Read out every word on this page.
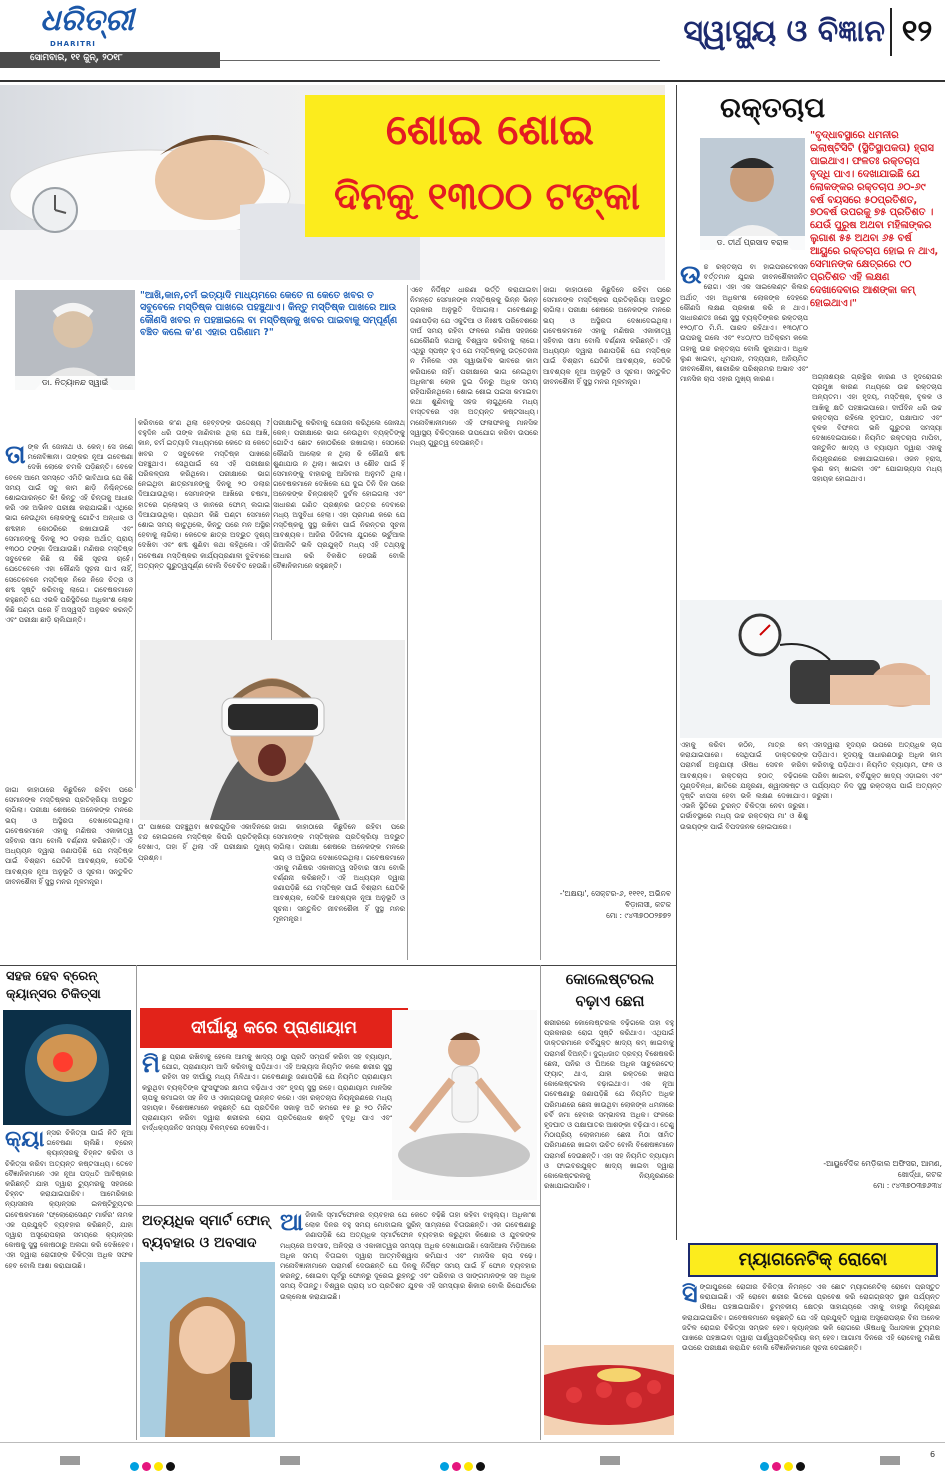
ଧରିତ୍ରୀ
DHARITRI
ସୋମବାର, ୧୧ ଜୁନ୍, ୨୦୧୮
ସ୍ୱାସ୍ଥ୍ୟ ଓ ବିଜ୍ଞାନ ୧୨
ଶୋଇ ଶୋଇ
ଦିନକୁ ୧୩୦୦ ଟଙ୍କା
ଡା. ନିତ୍ୟାନନ୍ଦ ସ୍ୱାଇଁ
"ଆଖି,କାନ,ଚର୍ମ ଇତ୍ୟାଦି ମାଧ୍ୟମରେ କେତେ ନା କେତେ ଖବର ତ ସବୁବେଳେ ମସ୍ତିଷ୍କ ପାଖରେ ପହଞ୍ଚୁଥାଏ। କିନ୍ତୁ ମସ୍ତିଷ୍କ ପାଖରେ ଆଉ କୌଣସି ଖବର ନ ପହଞ୍ଚାଇଲେ ବା ମସ୍ତିଷ୍କକୁ ଖବର ପାଇବାକୁ ସମ୍ପୂର୍ଣ୍ଣ ବଞ୍ଚିତ କଲେ କ'ଣ ଏହାର ପରିଣାମ ?"
ତା ଙ୍କ ନାଁ ଜୋନାଥ ଓ. କେନ୍। ସେ ଜଣେ ମନୋବିଜ୍ଞାନୀ। ତାଙ୍କର ନୂଆ ଗବେଷଣା ଦେଖି ଲୋକେ ଚମକି ପଡ଼ିଛନ୍ତି। ବେଳେ ବେଳେ ଆମେ ସମସ୍ତେ ଏମିତି ଭାବିଥାଉ ଯେ କିଛି ସମୟ ପାଇଁ ସବୁ କାମ ଛାଡ଼ି ନିଶ୍ଚିନ୍ତରେ ଶୋଇପାରନ୍ତେ କି! କିନ୍ତୁ ଏହି ଚିନ୍ତାକୁ ଆଧାର କରି ଏକ ଅଭିନବ ପରୀକ୍ଷା କରାଯାଇଛି। ଏଥିରେ ଭାଗ ନେଉଥିବା ଲୋକଙ୍କୁ ଗୋଟିଏ ଅନ୍ଧାର ଓ ଶବ୍ଦହୀନ କୋଠରିରେ ରଖାଯାଉଛି ଏବଂ ସେମାନଙ୍କୁ ଦିନକୁ ୨୦ ଡଲାର ଅର୍ଥାତ୍ ପ୍ରାୟ ୧୩୦୦ ଟଙ୍କା ଦିଆଯାଉଛି। ମଣିଷର ମସ୍ତିଷ୍କ ସବୁବେଳେ କିଛି ନା କିଛି ସୂଚନା ଚାହେଁ। ଯେତେବେଳେ ଏହା କୌଣସି ସୂଚନା ପାଏ ନାହିଁ, ସେତେବେଳେ ମସ୍ତିଷ୍କ ନିଜେ ନିଜେ ଚିତ୍ର ଓ ଶବ୍ଦ ସୃଷ୍ଟି କରିବାକୁ ଲାଗେ। ଗବେଷକମାନେ କହୁଛନ୍ତି ଯେ ଏଭଳି ପରିସ୍ଥିତିରେ ଅଧିକାଂଶ ଲୋକ କିଛି ଘଣ୍ଟା ପରେ ହିଁ ଅସ୍ୱସ୍ତି ଅନୁଭବ କରନ୍ତି ଏବଂ ପରୀକ୍ଷା ଛାଡ଼ି ଚାଲିଯାନ୍ତି।
କରିବାରେ କ'ଣ ଥିଲା ହେବ୍ବଙ୍କ ଉଦ୍ଦେଶ୍ୟ ? ବହୁଦିନ ଧରି ତାଙ୍କ ଜାଣିବାର ଥିଲା ଯେ ଆଖି, କାନ, ଚର୍ମ ଇତ୍ୟାଦି ମାଧ୍ୟମରେ କେତେ ନା କେତେ ଖବର ତ ସବୁବେଳେ ମସ୍ତିଷ୍କ ପାଖରେ ପହଞ୍ଚୁଥାଏ। ସେଥିପାଇଁ ସେ ଏହି ପରୀକ୍ଷାର ପରିକଳ୍ପନା କରିଥିଲେ। ପରୀକ୍ଷାରେ ଭାଗ ନେଇଥିବା ଛାତ୍ରମାନଙ୍କୁ ଦିନକୁ ୨୦ ଡଲାର ଦିଆଯାଉଥିଲା। ସେମାନଙ୍କ ଆଖିରେ ଚଷମା, ହାତରେ ଗ୍ଲୋଭସ୍ ଓ କାନରେ ଫୋମ୍ ଲଗାଇ ଦିଆଯାଉଥିଲା। ପ୍ରଥମ କିଛି ଘଣ୍ଟା ସେମାନେ ଶୋଇ ସମୟ କାଟୁଥିଲେ, କିନ୍ତୁ ପରେ ମନ ଅସ୍ଥିର ହେବାକୁ ଲାଗିଲା। କେତେକ ଛାତ୍ର ଅଦ୍ଭୁତ ଦୃଶ୍ୟ ଦେଖିବା ଏବଂ ଶବ୍ଦ ଶୁଣିବା କଥା କହିଥିଲେ। ଏହି ଗବେଷଣା ମସ୍ତିଷ୍କର କାର୍ଯ୍ୟପ୍ରଣାଳୀ ବୁଝିବାରେ ଅତ୍ୟନ୍ତ ଗୁରୁତ୍ୱପୂର୍ଣ୍ଣ ବୋଲି ବିବେଚିତ ହେଉଛି।
ପରୀକ୍ଷାଟିକୁ କରିବାକୁ ଯୋଜନା କରିଥିଲେ ଜୋନାଥ୍ କେନ୍। ପରୀକ୍ଷାରେ ଭାଗ ନେଉଥିବା ବ୍ୟକ୍ତିଙ୍କୁ ଗୋଟିଏ ଛୋଟ କୋଠରିରେ ରଖାଗଲା। ସେଠାରେ କୌଣସି ଆଲୋକ ନ ଥିଲା କି କୌଣସି ଶବ୍ଦ ଶୁଣାଯାଉ ନ ଥିଲା। ଖାଇବା ଓ ଶୌଚ ପାଇଁ ହିଁ ସେମାନଙ୍କୁ ବାହାରକୁ ଆସିବାର ଅନୁମତି ଥିଲା। ଗବେଷକମାନେ ଦେଖିଲେ ଯେ ଦୁଇ ତିନି ଦିନ ପରେ ଅନେକଙ୍କ ଚିନ୍ତାଶକ୍ତି ଦୁର୍ବଳ ହୋଇଗଲା ଏବଂ ସାଧାରଣ ଗଣିତ ପ୍ରଶ୍ନର ଉତ୍ତର ଦେବାରେ ମଧ୍ୟ ଅସୁବିଧା ହେଲା। ଏହା ପ୍ରମାଣ କରେ ଯେ ମସ୍ତିଷ୍କକୁ ସୁସ୍ଥ ରଖିବା ପାଇଁ ନିରନ୍ତର ସୂଚନା ଆବଶ୍ୟକ। ଆଜିର ଡିଜିଟାଲ ଯୁଗରେ ଭର୍ଚୁଆଲ ରିଆଲିଟି ଭଳି ପ୍ରଯୁକ୍ତି ମଧ୍ୟ ଏହି ତଥ୍ୟକୁ ଆଧାର କରି ବିକଶିତ ହେଉଛି ବୋଲି ବୈଜ୍ଞାନିକମାନେ କହୁଛନ୍ତି।
ତା' ପାଖରେ ପହଞ୍ଚୁଥିବା ଖବରଗୁଡ଼ିକ ଏକାଦିନରେ ବନ୍ଦ ହୋଇଗଲେ ମସ୍ତିଷ୍କ କିପରି ପ୍ରତିକ୍ରିୟା ଦେଖାଏ, ତାହା ହିଁ ଥିଲା ଏହି ପରୀକ୍ଷାର ମୁଖ୍ୟ ପ୍ରଶ୍ନ।
ଜାଗା କାହାଠାରେ କିଛୁଦିନେ ରହିବା ପରେ ସେମାନଙ୍କ ମସ୍ତିଷ୍କର ପ୍ରତିକ୍ରିୟା ଅଦ୍ଭୁତ ଲାଗିଲା। ପରୀକ୍ଷା ଶେଷରେ ଅନେକଙ୍କ ମନରେ ଭୟ ଓ ଅସ୍ଥିରତା ଦେଖାଦେଇଥିଲା। ଗବେଷକମାନେ ଏହାକୁ ମଣିଷର ଏକାକୀତ୍ୱ ସହିବାର ସୀମା ବୋଲି ବର୍ଣ୍ଣନା କରିଛନ୍ତି। ଏହି ଅଧ୍ୟୟନ ଦ୍ୱାରା ଜଣାପଡ଼ିଛି ଯେ ମସ୍ତିଷ୍କ ପାଇଁ ବିଶ୍ରାମ ଯେତିକି ଆବଶ୍ୟକ, ସେତିକି ଆବଶ୍ୟକ ନୂଆ ଅନୁଭୂତି ଓ ସୂଚନା। ସନ୍ତୁଳିତ ଜୀବନଶୈଳୀ ହିଁ ସୁସ୍ଥ ମନର ମୂଳମନ୍ତ୍ର।
ଜାଗା କାହାଠାରେ କିଛୁଦିନେ ରହିବା ପରେ ସେମାନଙ୍କ ମସ୍ତିଷ୍କର ପ୍ରତିକ୍ରିୟା ଅଦ୍ଭୁତ ଲାଗିଲା। ପରୀକ୍ଷା ଶେଷରେ ଅନେକଙ୍କ ମନରେ ଭୟ ଓ ଅସ୍ଥିରତା ଦେଖାଦେଇଥିଲା। ଗବେଷକମାନେ ଏହାକୁ ମଣିଷର ଏକାକୀତ୍ୱ ସହିବାର ସୀମା ବୋଲି ବର୍ଣ୍ଣନା କରିଛନ୍ତି। ଏହି ଅଧ୍ୟୟନ ଦ୍ୱାରା ଜଣାପଡ଼ିଛି ଯେ ମସ୍ତିଷ୍କ ପାଇଁ ବିଶ୍ରାମ ଯେତିକି ଆବଶ୍ୟକ, ସେତିକି ଆବଶ୍ୟକ ନୂଆ ଅନୁଭୂତି ଓ ସୂଚନା। ସନ୍ତୁଳିତ ଜୀବନଶୈଳୀ ହିଁ ସୁସ୍ଥ ମନର ମୂଳମନ୍ତ୍ର।
ଏବେ ନିର୍ଦ୍ଦିଷ୍ଟ ଧାରଣା ଭର୍ତ୍ତି କରାଯାଇବା ନିମନ୍ତେ ସେମାନଙ୍କ ମସ୍ତିଷ୍କକୁ ଭିନ୍ନ ଭିନ୍ନ ପ୍ରକାର ଅନୁଭୂତି ଦିଆଗଲା। ଗବେଷଣାରୁ ଜଣାପଡ଼ିଲା ଯେ ଏକୁଟିଆ ଓ ନିଃଶବ୍ଦ ପରିବେଶରେ ଦୀର୍ଘ ସମୟ ରହିବା ଫଳରେ ମଣିଷ ସହଜରେ ଯେକୌଣସି କଥାକୁ ବିଶ୍ୱାସ କରିବାକୁ ଲାଗେ। ଏଥିରୁ ସ୍ପଷ୍ଟ ହୁଏ ଯେ ମସ୍ତିଷ୍କକୁ ଉତ୍ତେଜନା ନ ମିଳିଲେ ଏହା ସ୍ୱାଭାବିକ ଭାବରେ କାମ କରିପାରେ ନାହିଁ। ପରୀକ୍ଷାରେ ଭାଗ ନେଇଥିବା ଅଧିକାଂଶ ଲୋକ ଦୁଇ ଦିନରୁ ଅଧିକ ସମୟ ରହିପାରିନଥିଲେ। ଶୋଇ ଶୋଇ ପଇସା କମାଇବା କଥା ଶୁଣିବାକୁ ସହଜ ଲାଗୁଥିଲେ ମଧ୍ୟ ବାସ୍ତବରେ ଏହା ଅତ୍ୟନ୍ତ କଷ୍ଟସାଧ୍ୟ। ମନୋବିଜ୍ଞାନୀମାନେ ଏହି ଫଳାଫଳକୁ ମାନସିକ ସ୍ୱାସ୍ଥ୍ୟ ଚିକିତ୍ସାରେ ଉପଯୋଗ କରିବା ଉପରେ ମଧ୍ୟ ଗୁରୁତ୍ୱ ଦେଉଛନ୍ତି।
ଜାଗା କାହାଠାରେ କିଛୁଦିନେ ରହିବା ପରେ ସେମାନଙ୍କ ମସ୍ତିଷ୍କର ପ୍ରତିକ୍ରିୟା ଅଦ୍ଭୁତ ଲାଗିଲା। ପରୀକ୍ଷା ଶେଷରେ ଅନେକଙ୍କ ମନରେ ଭୟ ଓ ଅସ୍ଥିରତା ଦେଖାଦେଇଥିଲା। ଗବେଷକମାନେ ଏହାକୁ ମଣିଷର ଏକାକୀତ୍ୱ ସହିବାର ସୀମା ବୋଲି ବର୍ଣ୍ଣନା କରିଛନ୍ତି। ଏହି ଅଧ୍ୟୟନ ଦ୍ୱାରା ଜଣାପଡ଼ିଛି ଯେ ମସ୍ତିଷ୍କ ପାଇଁ ବିଶ୍ରାମ ଯେତିକି ଆବଶ୍ୟକ, ସେତିକି ଆବଶ୍ୟକ ନୂଆ ଅନୁଭୂତି ଓ ସୂଚନା। ସନ୍ତୁଳିତ ଜୀବନଶୈଳୀ ହିଁ ସୁସ୍ଥ ମନର ମୂଳମନ୍ତ୍ର।
-'ଅକ୍ଷୟା', ସେକ୍ଟର-୬, ୧୧୧୧, ଅଭିନବ ବିଡ଼ାନାସୀ, କଟକ
ମୋ : ୯୪୩୭୦୦୨୭୭୨
ରକ୍ତଚାପ
ଡ. ତୀର୍ଥ ପ୍ରସାଦ ବରାଳ
"ବୃଦ୍ଧାବସ୍ଥାରେ ଧମନୀର ଇଲାଷ୍ଟିସିଟି (ସ୍ଥିତିସ୍ଥାପକତା) ହ୍ରାସ ପାଇଥାଏ। ଫଳତଃ ରକ୍ତଚାପ ବୃଦ୍ଧି ପାଏ। ଦେଖାଯାଇଛି ଯେ ଲୋକଙ୍କର ରକ୍ତଚାପ ୬୦-୬୯ ବର୍ଷ ବୟସରେ ୫୦ପ୍ରତିଶତ, ୭୦ବର୍ଷ ଉପରକୁ ୭୫ ପ୍ରତିଶତ । ଯେଉଁ ପୁରୁଷ ଅଥବା ମହିଳାଙ୍କର ଲୁଗାଶ ୫୫ ଅଥବା ୬୫ ବର୍ଷ ଆୟୁରେ ରକ୍ତଚାପ ହୋଇ ନ ଥାଏ, ସେମାନଙ୍କ କ୍ଷେତ୍ରରେ ୯୦ ପ୍ରତିଶତ ଏହି ଲକ୍ଷଣ ଦେଖାଦେବାର ଆଶଙ୍କା କମ୍ ହୋଇଥାଏ।"
ଉ ଚ୍ଚ ରକ୍ତଚାପ ବା ହାଇପରଟେନସନ ବର୍ତ୍ତମାନ ଯୁଗର ଜୀବନଶୈଳୀଜନିତ ରୋଗ। ଏହା ଏକ ସାଇଲେଣ୍ଟ କିଲର ଅର୍ଥାତ୍ ଏହା ଅଧିକାଂଶ ଲୋକଙ୍କ ଦେହରେ କୌଣସି ଲକ୍ଷଣ ପ୍ରକାଶ କରି ନ ଥାଏ। ସାଧାରଣତଃ ଜଣେ ସୁସ୍ଥ ବ୍ୟକ୍ତିଙ୍କର ରକ୍ତଚାପ ୧୨୦/୮୦ ମି.ମି. ପାରଦ ରହିଥାଏ। ୧୩୦/୮୦ ଉପରକୁ ଗଲେ ଏବଂ ୧୪୦/୯୦ ଅତିକ୍ରମ କଲେ ତାହାକୁ ଉଚ୍ଚ ରକ୍ତଚାପ ବୋଲି କୁହାଯାଏ। ଅଧିକ ଲୁଣ ଖାଇବା, ଧୂମପାନ, ମଦ୍ୟପାନ, ଅନିୟମିତ ଜୀବନଶୈଳୀ, ଶାରୀରିକ ପରିଶ୍ରମର ଅଭାବ ଏବଂ ମାନସିକ ଚାପ ଏହାର ମୁଖ୍ୟ କାରଣ।	ଅଗ୍ନାଶୟର ଗ୍ରନ୍ଥିର କାରଣ ଓ ହୃଦରୋଗର ପ୍ରମୁଖ କାରଣ ମଧ୍ୟରେ ଉଚ୍ଚ ରକ୍ତଚାପ ଅନ୍ୟତମ। ଏହା ହୃଦୟ, ମସ୍ତିଷ୍କ, ବୃକକ ଓ ଆଖିକୁ କ୍ଷତି ପହଞ୍ଚାଇପାରେ। ଦୀର୍ଘଦିନ ଧରି ଉଚ୍ଚ ରକ୍ତଚାପ ରହିଲେ ହୃଦଘାତ, ପକ୍ଷାଘାତ ଏବଂ ବୃକକ ବିଫଳତା ଭଳି ଗୁରୁତର ସମସ୍ୟା ଦେଖାଦେଇପାରେ। ନିୟମିତ ରକ୍ତଚାପ ମାପିବା, ସନ୍ତୁଳିତ ଖାଦ୍ୟ ଓ ବ୍ୟାୟାମ ଦ୍ୱାରା ଏହାକୁ ନିୟନ୍ତ୍ରଣରେ ରଖାଯାଇପାରେ। ଓଜନ ହ୍ରାସ, ଲୁଣ କମ୍ ଖାଇବା ଏବଂ ଯୋଗାଭ୍ୟାସ ମଧ୍ୟ ସହାୟକ ହୋଇଥାଏ।
ଏହାକୁ କରିବା କଠିନ, ମାତ୍ର କମ୍ କରାଯାଇପାରେ। ସେଥିପାଇଁ ଡାକ୍ତରଙ୍କ ପରାମର୍ଶ ଅନୁଯାୟୀ ଔଷଧ ସେବନ କରିବା ଆବଶ୍ୟକ। ରକ୍ତଚାପ ହଠାତ୍ ବଢ଼ିଗଲେ ମୁଣ୍ଡବିନ୍ଧା, ଛାତିରେ ଯନ୍ତ୍ରଣା, ଶ୍ୱାସକଷ୍ଟ ଓ ଦୃଷ୍ଟି ଝାପସା ହେବା ଭଳି ଲକ୍ଷଣ ଦେଖାଯାଏ। ଏଭଳି ସ୍ଥିତିରେ ତୁରନ୍ତ ଚିକିତ୍ସା ନେବା ଜରୁରୀ। ଗର୍ଭାବସ୍ଥାରେ ମଧ୍ୟ ଉଚ୍ଚ ରକ୍ତଚାପ ମା' ଓ ଶିଶୁ ଉଭୟଙ୍କ ପାଇଁ ବିପଦଜନକ ହୋଇପାରେ।
ଏହାଦ୍ୱାରା ହୃଦୟର ଉପରେ ଅତ୍ୟଧିକ ଚାପ ପଡ଼ିଥାଏ। ହୃଦୟକୁ ସାଧାରଣଠାରୁ ଅଧିକ କାମ କରିବାକୁ ପଡ଼ିଥାଏ। ନିୟମିତ ବ୍ୟାୟାମ, ଫଳ ଓ ପରିବା ଖାଇବା, ଚର୍ବିଯୁକ୍ତ ଖାଦ୍ୟ ଏଡ଼ାଇବା ଏବଂ ପର୍ଯ୍ୟାପ୍ତ ନିଦ ସୁସ୍ଥ ରକ୍ତଚାପ ପାଇଁ ଅତ୍ୟନ୍ତ ଜରୁରୀ।
-ଆୟୁର୍ବେଦିକ ମେଡ଼ିକାଲ ଅଫିସର, ଆମଣ, ଖୋର୍ଦ୍ଧା, କଟକ
ମୋ : ୯୪୩୭୦୩୭୬୩୪
ସହଜ ହେବ ବ୍ରେନ୍
କ୍ୟାନ୍ସର ଚିକିତ୍ସା
କ୍ୟା ନ୍ସର ଚିକିତ୍ସା ପାଇଁ ନିତି ନୂଆ ଗବେଷଣା ଚାଲିଛି। ବ୍ରେନ୍ କ୍ୟାନ୍ସରକୁ ଚିହ୍ନଟ କରିବା ଓ ଚିକିତ୍ସା କରିବା ଅତ୍ୟନ୍ତ କଷ୍ଟସାଧ୍ୟ। ତେବେ ବୈଜ୍ଞାନିକମାନେ ଏକ ନୂଆ ପଦ୍ଧତି ଆବିଷ୍କାର କରିଛନ୍ତି ଯାହା ଦ୍ୱାରା ଟ୍ୟୁମରକୁ ସହଜରେ ଚିହ୍ନଟ କରାଯାଇପାରିବ। ଆମେରିକାର ନ୍ୟାସନାଲ କ୍ୟାନ୍ସର ଇନଷ୍ଟିଚ୍ୟୁଟର ଗବେଷକମାନେ 'ଫ୍ଲୋରୋସେଣ୍ଟ ମାର୍କର' ନାମକ ଏକ ପ୍ରଯୁକ୍ତି ବ୍ୟବହାର କରିଛନ୍ତି, ଯାହା ଦ୍ୱାରା ଅସ୍ତ୍ରୋପଚାର ସମୟରେ କ୍ୟାନ୍ସର କୋଷକୁ ସୁସ୍ଥ କୋଷଠାରୁ ଅଲଗା କରି ଦେଖିହେବ। ଏହା ଦ୍ୱାରା ରୋଗୀଙ୍କ ଚିକିତ୍ସା ଅଧିକ ସଫଳ ହେବ ବୋଲି ଆଶା କରାଯାଉଛି।
ଦୀର୍ଘାୟୁ କରେ ପ୍ରାଣାୟାମ
ମି ଛୁ ପ୍ରାଣ ରଖିବାକୁ ହେଲେ ଆମକୁ ଖାଦ୍ୟ ଠାରୁ ପ୍ରତି ସମ୍ପର୍କ କରିବା ସହ ବ୍ୟାୟାମ, ଯୋଗ, ପ୍ରାଣାୟାମ ଆଦି କରିବାକୁ ପଡ଼ିଥାଏ। ଏହି ଅଭ୍ୟାସ ନିୟମିତ କଲେ ଶରୀର ସୁସ୍ଥ ରହିବା ସହ ଦୀର୍ଘାୟୁ ମଧ୍ୟ ମିଳିଥାଏ। ଗବେଷଣାରୁ ଜଣାପଡ଼ିଛି ଯେ ନିୟମିତ ପ୍ରାଣାୟାମ କରୁଥିବା ବ୍ୟକ୍ତିଙ୍କ ଫୁସଫୁସର କ୍ଷମତା ବଢ଼ିଥାଏ ଏବଂ ହୃଦୟ ସୁସ୍ଥ ରହେ। ପ୍ରାଣାୟାମ ମାନସିକ ଚାପକୁ କମାଇବା ସହ ନିଦ ଓ ଏକାଗ୍ରତାକୁ ଉନ୍ନତ କରେ। ଏହା ରକ୍ତଚାପ ନିୟନ୍ତ୍ରଣରେ ମଧ୍ୟ ସହାୟକ। ବିଶେଷଜ୍ଞମାନେ କହୁଛନ୍ତି ଯେ ପ୍ରତିଦିନ ସକାଳୁ ଅତି କମରେ ୧୫ ରୁ ୨୦ ମିନିଟ ପ୍ରାଣାୟାମ କରିବା ଦ୍ୱାରା ଶରୀରର ରୋଗ ପ୍ରତିରୋଧକ ଶକ୍ତି ବୃଦ୍ଧି ପାଏ ଏବଂ ବାର୍ଦ୍ଧକ୍ୟଜନିତ ସମସ୍ୟା ବିଳମ୍ବରେ ଦେଖାଦିଏ।
କୋଲେଷ୍ଟରଲ
ବଢ଼ାଏ ଛେନା
ଶରୀରରେ କୋଲେଷ୍ଟରଲ ବଢ଼ିଗଲେ ତାହା ବହୁ ପ୍ରକାରର ରୋଗ ସୃଷ୍ଟି କରିଥାଏ। ଏଥିପାଇଁ ଡାକ୍ତରମାନେ ଚର୍ବିଯୁକ୍ତ ଖାଦ୍ୟ କମ୍ ଖାଇବାକୁ ପରାମର୍ଶ ଦିଅନ୍ତି। ଦୁଗ୍ଧଜାତ ଦ୍ରବ୍ୟ ବିଶେଷକରି ଛେନା, ପନିର ଓ ଘିଅରେ ଅଧିକ ସାଚୁରେଟେଡ୍ ଫ୍ୟାଟ୍ ଥାଏ, ଯାହା ରକ୍ତରେ ଖରାପ କୋଲେଷ୍ଟରଲ ବଢ଼ାଇଥାଏ। ଏକ ନୂଆ ଗବେଷଣାରୁ ଜଣାପଡ଼ିଛି ଯେ ନିୟମିତ ଅଧିକ ପରିମାଣରେ ଛେନା ଖାଉଥିବା ଲୋକଙ୍କ ଧମନୀରେ ଚର୍ବି ଜମା ହେବାର ସମ୍ଭାବନା ଅଧିକ। ଫଳରେ ହୃଦଘାତ ଓ ପକ୍ଷାଘାତର ଆଶଙ୍କା ବଢ଼ିଯାଏ। ତେଣୁ ମିଠାପ୍ରିୟ ଲୋକମାନେ ଛେନା ମିଠା ସୀମିତ ପରିମାଣରେ ଖାଇବା ଉଚିତ ବୋଲି ବିଶେଷଜ୍ଞମାନେ ପରାମର୍ଶ ଦେଉଛନ୍ତି। ଏହା ସହ ନିୟମିତ ବ୍ୟାୟାମ ଓ ଫାଇବରଯୁକ୍ତ ଖାଦ୍ୟ ଖାଇବା ଦ୍ୱାରା କୋଲେଷ୍ଟରଲକୁ ନିୟନ୍ତ୍ରଣରେ ରଖାଯାଇପାରିବ।
ଅତ୍ୟଧିକ ସ୍ମାର୍ଟ ଫୋନ୍
ବ୍ୟବହାର ଓ ଅବସାଦ
ଆ ଜିକାଲି ସ୍ମାର୍ଟଫୋନର ବ୍ୟବହାର ଯେ କେତେ ବଢ଼ିଛି ତାହା କହିବା ବାହୁଲ୍ୟ। ଅଧିକାଂଶ ଲୋକ ଦିନର ବହୁ ସମୟ ମୋବାଇଲ ସ୍କ୍ରିନ୍ ସାମ୍ନାରେ ବିତାଉଛନ୍ତି। ଏକ ଗବେଷଣାରୁ ଜଣାପଡ଼ିଛି ଯେ ଅତ୍ୟଧିକ ସ୍ମାର୍ଟଫୋନ ବ୍ୟବହାର କରୁଥିବା କିଶୋର ଓ ଯୁବକଙ୍କ ମଧ୍ୟରେ ଅବସାଦ, ଅନିଦ୍ରା ଓ ଏକାକୀତ୍ୱର ସମସ୍ୟା ଅଧିକ ଦେଖାଯାଉଛି। ସୋସିଆଲ ମିଡ଼ିଆରେ ଅଧିକ ସମୟ ବିତାଇବା ଦ୍ୱାରା ଆତ୍ମବିଶ୍ୱାସ କମିଯାଏ ଏବଂ ମାନସିକ ଚାପ ବଢ଼େ। ମନୋବିଜ୍ଞାନୀମାନେ ପରାମର୍ଶ ଦେଉଛନ୍ତି ଯେ ଦିନକୁ ନିର୍ଦ୍ଦିଷ୍ଟ ସମୟ ପାଇଁ ହିଁ ଫୋନ ବ୍ୟବହାର କରନ୍ତୁ, ଶୋଇବା ପୂର୍ବରୁ ଫୋନରୁ ଦୂରେଇ ରୁହନ୍ତୁ ଏବଂ ପରିବାର ଓ ସାଙ୍ଗମାନଙ୍କ ସହ ଅଧିକ ସମୟ ବିତାନ୍ତୁ। ବିଶ୍ୱର ପ୍ରାୟ ୪୦ ପ୍ରତିଶତ ଯୁବକ ଏହି ସମସ୍ୟାର ଶିକାର ବୋଲି ରିପୋର୍ଟରେ ଉଲ୍ଲେଖ କରାଯାଇଛି।
ମ୍ୟାଗନେଟିକ୍ ରୋବୋ
ସି ଙ୍ଗାପୁରରେ ରୋଗୀର ଚିକିତ୍ସା ନିମନ୍ତେ ଏକ ଛୋଟ ମ୍ୟାଗନେଟିକ୍ ରୋବୋ ପ୍ରସ୍ତୁତ କରାଯାଇଛି। ଏହି ରୋବୋ ଶରୀର ଭିତରେ ପ୍ରବେଶ କରି ରୋଗଗ୍ରସ୍ତ ସ୍ଥାନ ପର୍ଯ୍ୟନ୍ତ ଔଷଧ ପହଞ୍ଚାଇପାରିବ। ଚୁମ୍ବକୀୟ କ୍ଷେତ୍ର ସାହାଯ୍ୟରେ ଏହାକୁ ବାହାରୁ ନିୟନ୍ତ୍ରଣ କରାଯାଇପାରିବ। ଗବେଷକମାନେ କହୁଛନ୍ତି ଯେ ଏହି ପ୍ରଯୁକ୍ତି ଦ୍ୱାରା ଅସ୍ତ୍ରୋପଚାର ବିନା ଅନେକ ଜଟିଳ ରୋଗର ଚିକିତ୍ସା ସମ୍ଭବ ହେବ। କ୍ୟାନ୍ସର ଭଳି ରୋଗରେ ଔଷଧକୁ ସିଧାସଳଖ ଟ୍ୟୁମର ପାଖରେ ପହଞ୍ଚାଇବା ଦ୍ୱାରା ପାର୍ଶ୍ୱପ୍ରତିକ୍ରିୟା କମ୍ ହେବ। ଆଗାମୀ ଦିନରେ ଏହି ରୋବୋକୁ ମଣିଷ ଉପରେ ପରୀକ୍ଷଣ କରାଯିବ ବୋଲି ବୈଜ୍ଞାନିକମାନେ ସୂଚନା ଦେଇଛନ୍ତି।
6
